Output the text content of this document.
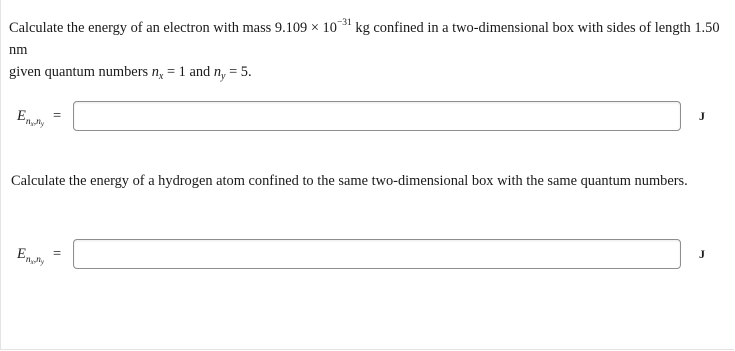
Calculate the energy of an electron with mass $9.109 \times 10^{-31}$ kg confined in a two-dimensional box with sides of length 1.50 nm
given quantum numbers $n_x = 1$ and $n_y = 5$.
$E_{nx,ny}$ =	J
Calculate the energy of a hydrogen atom confined to the same two-dimensional box with the same quantum numbers.
$E_{nx,ny}$ =	J
